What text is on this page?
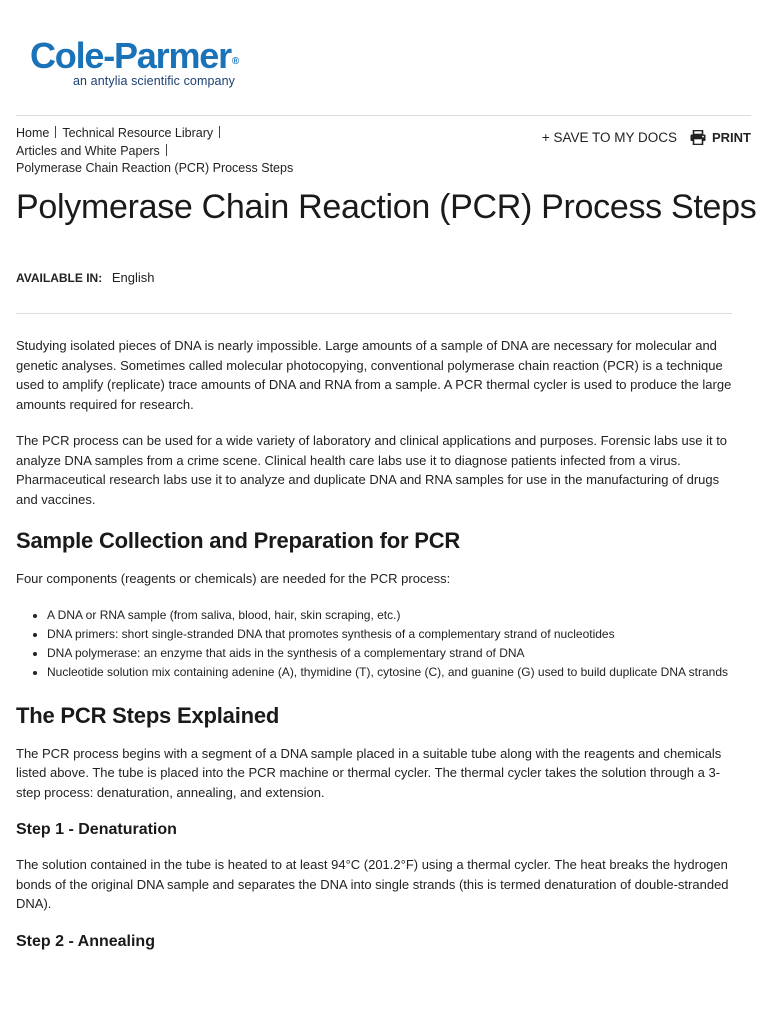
Cole-Parmer®
an antylia scientific company
Home Technical Resource Library
Articles and White Papers
Polymerase Chain Reaction (PCR) Process Steps
+ SAVE TO MY DOCS	PRINT
Polymerase Chain Reaction (PCR) Process Steps
AVAILABLE IN: English

Studying isolated pieces of DNA is nearly impossible. Large amounts of a sample of DNA are necessary for molecular and genetic analyses. Sometimes called molecular photocopying, conventional polymerase chain reaction (PCR) is a technique used to amplify (replicate) trace amounts of DNA and RNA from a sample. A PCR thermal cycler is used to produce the large amounts required for research.

The PCR process can be used for a wide variety of laboratory and clinical applications and purposes. Forensic labs use it to analyze DNA samples from a crime scene. Clinical health care labs use it to diagnose patients infected from a virus. Pharmaceutical research labs use it to analyze and duplicate DNA and RNA samples for use in the manufacturing of drugs and vaccines.

Sample Collection and Preparation for PCR

Four components (reagents or chemicals) are needed for the PCR process:

• A DNA or RNA sample (from saliva, blood, hair, skin scraping, etc.)
• DNA primers: short single-stranded DNA that promotes synthesis of a complementary strand of nucleotides
• DNA polymerase: an enzyme that aids in the synthesis of a complementary strand of DNA
• Nucleotide solution mix containing adenine (A), thymidine (T), cytosine (C), and guanine (G) used to build duplicate DNA strands
The PCR Steps Explained

The PCR process begins with a segment of a DNA sample placed in a suitable tube along with the reagents and chemicals listed above. The tube is placed into the PCR machine or thermal cycler. The thermal cycler takes the solution through a 3-step process: denaturation, annealing, and extension.

Step 1 - Denaturation

The solution contained in the tube is heated to at least 94°C (201.2°F) using a thermal cycler. The heat breaks the hydrogen bonds of the original DNA sample and separates the DNA into single strands (this is termed denaturation of double-stranded DNA).

Step 2 - Annealing
